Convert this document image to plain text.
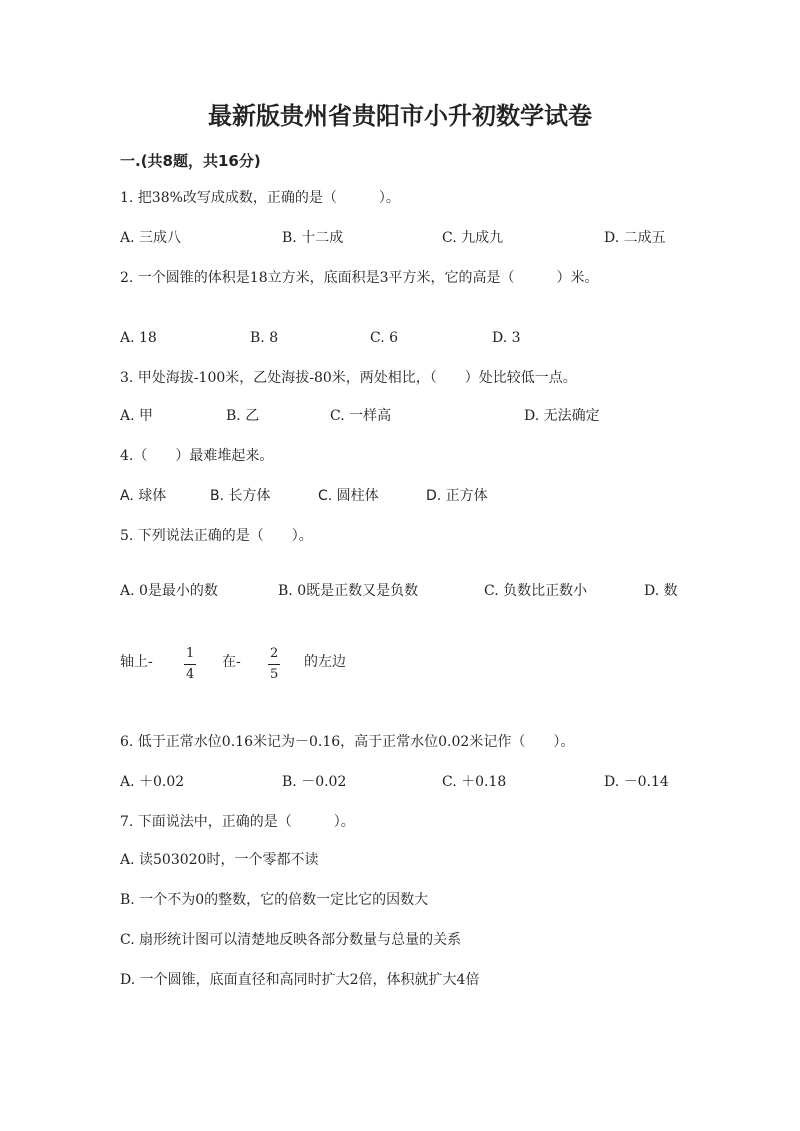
最新版贵州省贵阳市小升初数学试卷
一.(共8题，共16分)
1. 把38%改写成成数，正确的是（　　　）。
A. 三成八	B. 十二成	C. 九成九	D. 二成五
2. 一个圆锥的体积是18立方米，底面积是3平方米，它的高是（　　　）米。
A. 18	B. 8	C. 6	D. 3
3. 甲处海拔-100米，乙处海拔-80米，两处相比，（　　）处比较低一点。
A. 甲	B. 乙	C. 一样高	D. 无法确定
4.（　　）最难堆起来。
A. 球体	B. 长方体	C. 圆柱体	D. 正方体
5. 下列说法正确的是（　　）。
A. 0是最小的数	B. 0既是正数又是负数	C. 负数比正数小	D. 数
轴上-
1
4
在-
2
5
的左边
6. 低于正常水位0.16米记为－0.16，高于正常水位0.02米记作（　　）。
A. ＋0.02	B. －0.02	C. ＋0.18	D. －0.14
7. 下面说法中，正确的是（　　　）。
A. 读503020时，一个零都不读
B. 一个不为0的整数，它的倍数一定比它的因数大
C. 扇形统计图可以清楚地反映各部分数量与总量的关系
D. 一个圆锥，底面直径和高同时扩大2倍，体积就扩大4倍
